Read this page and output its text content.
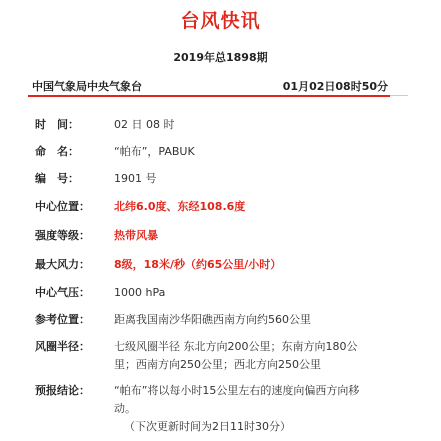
台风快讯
2019年总1898期
中国气象局中央气象台	01月02日08时50分
时　间：	02 日 08 时
命　名：	“帕布”，PABUK
编　号：	1901 号
中心位置：	北纬6.0度、东经108.6度
强度等级：	热带风暴
最大风力：	8级，18米/秒（约65公里/小时）
中心气压：	1000 hPa
参考位置：	距离我国南沙华阳礁西南方向约560公里
风圈半径：	七级风圈半径 东北方向200公里；东南方向180公
里；西南方向250公里；西北方向250公里
预报结论：	“帕布”将以每小时15公里左右的速度向偏西方向移
动。
（下次更新时间为2日11时30分）
